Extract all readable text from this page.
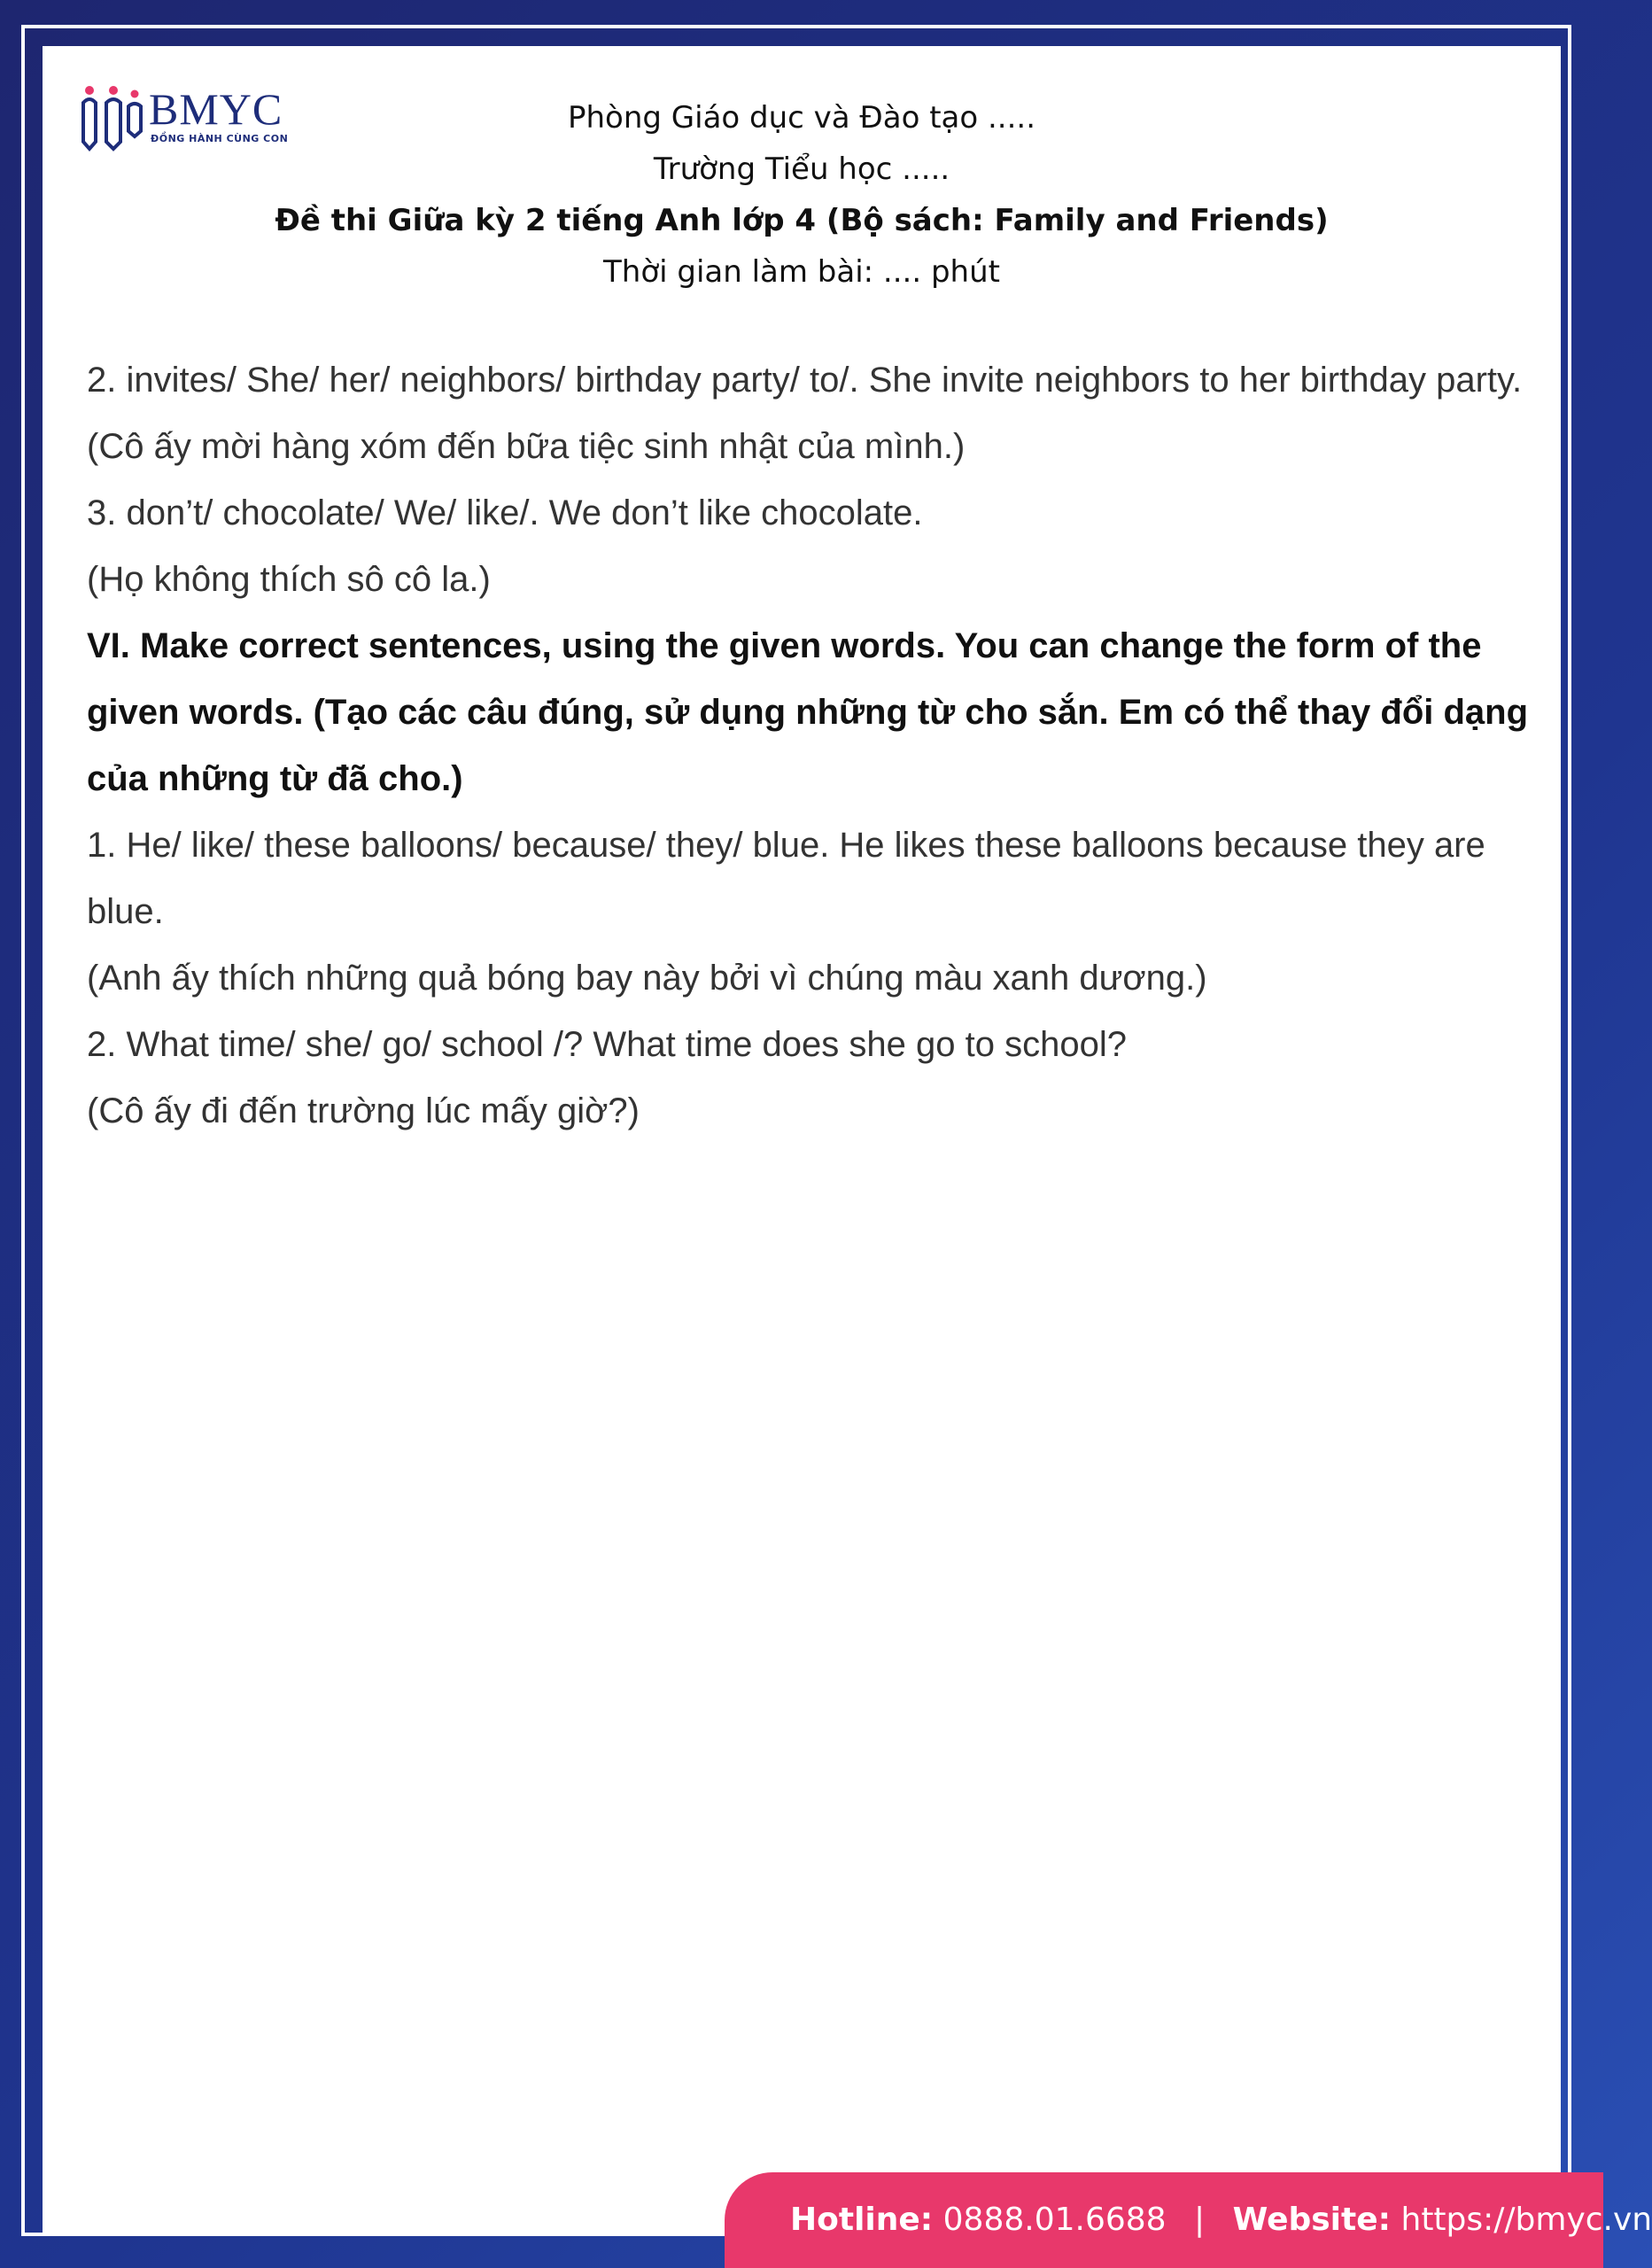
BMYC
ĐỒNG HÀNH CÙNG CON
Phòng Giáo dục và Đào tạo .....
Trường Tiểu học .....
Đề thi Giữa kỳ 2 tiếng Anh lớp 4 (Bộ sách: Family and Friends)
Thời gian làm bài: .... phút

2. invites/ She/ her/ neighbors/ birthday party/ to/. She invite neighbors to her birthday party.

(Cô ấy mời hàng xóm đến bữa tiệc sinh nhật của mình.)

3. don’t/ chocolate/ We/ like/. We don’t like chocolate.

(Họ không thích sô cô la.)

VI. Make correct sentences, using the given words. You can change the form of the given words. (Tạo các câu đúng, sử dụng những từ cho sắn. Em có thể thay đổi dạng của những từ đã cho.)

1. He/ like/ these balloons/ because/ they/ blue. He likes these balloons because they are blue.

(Anh ấy thích những quả bóng bay này bởi vì chúng màu xanh dương.)

2. What time/ she/ go/ school /? What time does she go to school?

(Cô ấy đi đến trường lúc mấy giờ?)

Hotline: 0888.01.6688 | Website: https://bmyc.vn
